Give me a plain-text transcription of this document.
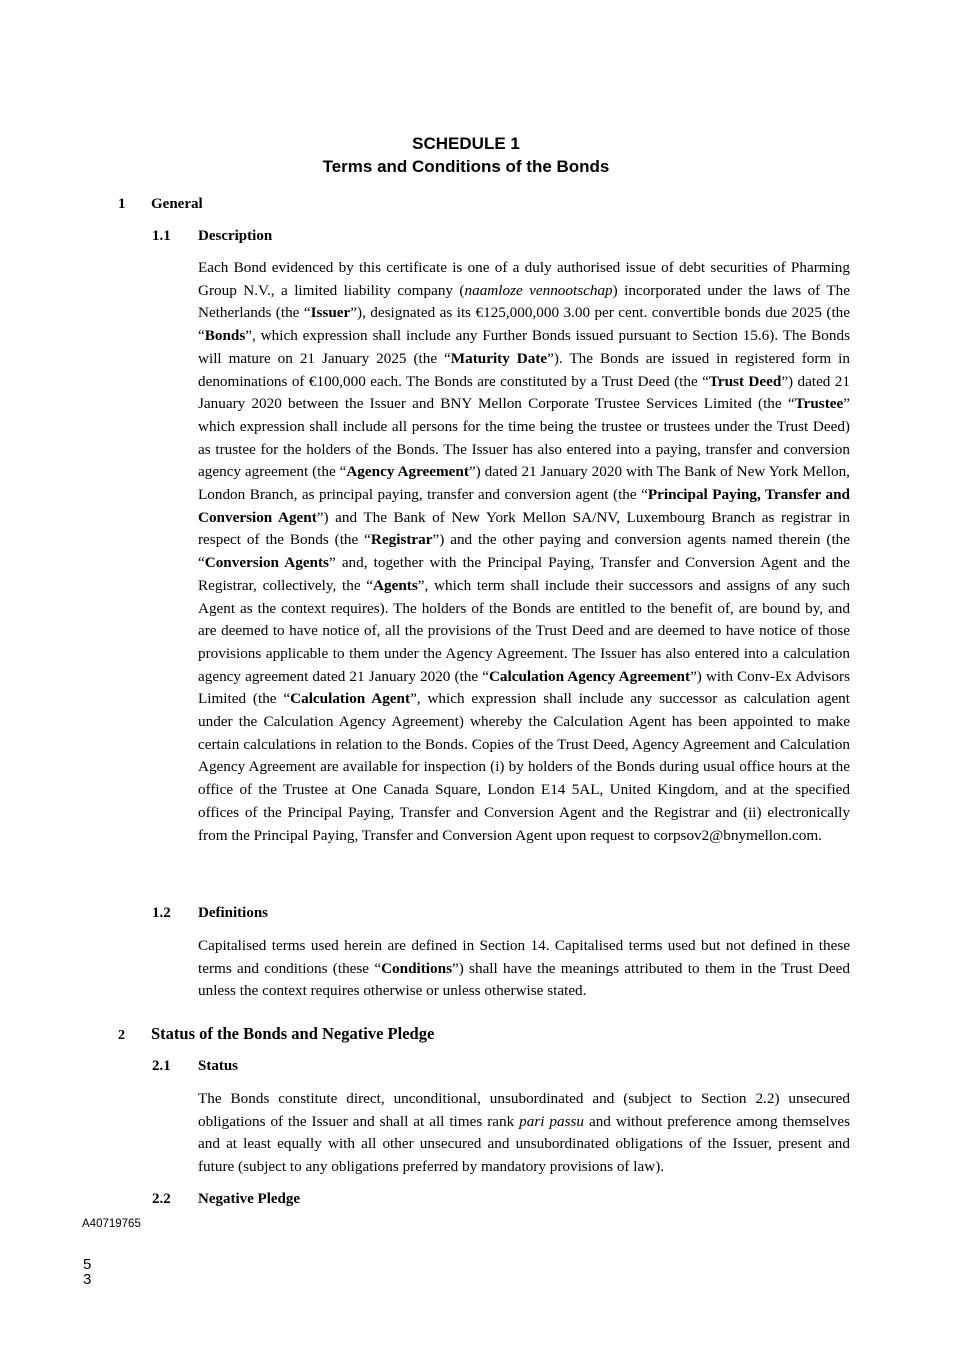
SCHEDULE 1
Terms and Conditions of the Bonds
1 General
1.1 Description

Each Bond evidenced by this certificate is one of a duly authorised issue of debt securities of Pharming Group N.V., a limited liability company (naamloze vennootschap) incorporated under the laws of The Netherlands (the “Issuer”), designated as its €125,000,000 3.00 per cent. convertible bonds due 2025 (the “Bonds”, which expression shall include any Further Bonds issued pursuant to Section 15.6). The Bonds will mature on 21 January 2025 (the “Maturity Date”). The Bonds are issued in registered form in denominations of €100,000 each. The Bonds are constituted by a Trust Deed (the “Trust Deed”) dated 21 January 2020 between the Issuer and BNY Mellon Corporate Trustee Services Limited (the “Trustee” which expression shall include all persons for the time being the trustee or trustees under the Trust Deed) as trustee for the holders of the Bonds. The Issuer has also entered into a paying, transfer and conversion agency agreement (the “Agency Agreement”) dated 21 January 2020 with The Bank of New York Mellon, London Branch, as principal paying, transfer and conversion agent (the “Principal Paying, Transfer and Conversion Agent”) and The Bank of New York Mellon SA/NV, Luxembourg Branch as registrar in respect of the Bonds (the “Registrar”) and the other paying and conversion agents named therein (the “Conversion Agents” and, together with the Principal Paying, Transfer and Conversion Agent and the Registrar, collectively, the “Agents”, which term shall include their successors and assigns of any such Agent as the context requires). The holders of the Bonds are entitled to the benefit of, are bound by, and are deemed to have notice of, all the provisions of the Trust Deed and are deemed to have notice of those provisions applicable to them under the Agency Agreement. The Issuer has also entered into a calculation agency agreement dated 21 January 2020 (the “Calculation Agency Agreement”) with Conv-Ex Advisors Limited (the “Calculation Agent”, which expression shall include any successor as calculation agent under the Calculation Agency Agreement) whereby the Calculation Agent has been appointed to make certain calculations in relation to the Bonds. Copies of the Trust Deed, Agency Agreement and Calculation Agency Agreement are available for inspection (i) by holders of the Bonds during usual office hours at the office of the Trustee at One Canada Square, London E14 5AL, United Kingdom, and at the specified offices of the Principal Paying, Transfer and Conversion Agent and the Registrar and (ii) electronically from the Principal Paying, Transfer and Conversion Agent upon request to corpsov2@bnymellon.com.

1.2 Definitions

Capitalised terms used herein are defined in Section 14. Capitalised terms used but not defined in these terms and conditions (these “Conditions”) shall have the meanings attributed to them in the Trust Deed unless the context requires otherwise or unless otherwise stated.

2 Status of the Bonds and Negative Pledge
2.1 Status

The Bonds constitute direct, unconditional, unsubordinated and (subject to Section 2.2) unsecured obligations of the Issuer and shall at all times rank pari passu and without preference among themselves and at least equally with all other unsecured and unsubordinated obligations of the Issuer, present and future (subject to any obligations preferred by mandatory provisions of law).

2.2 Negative Pledge
A40719765
5
3
